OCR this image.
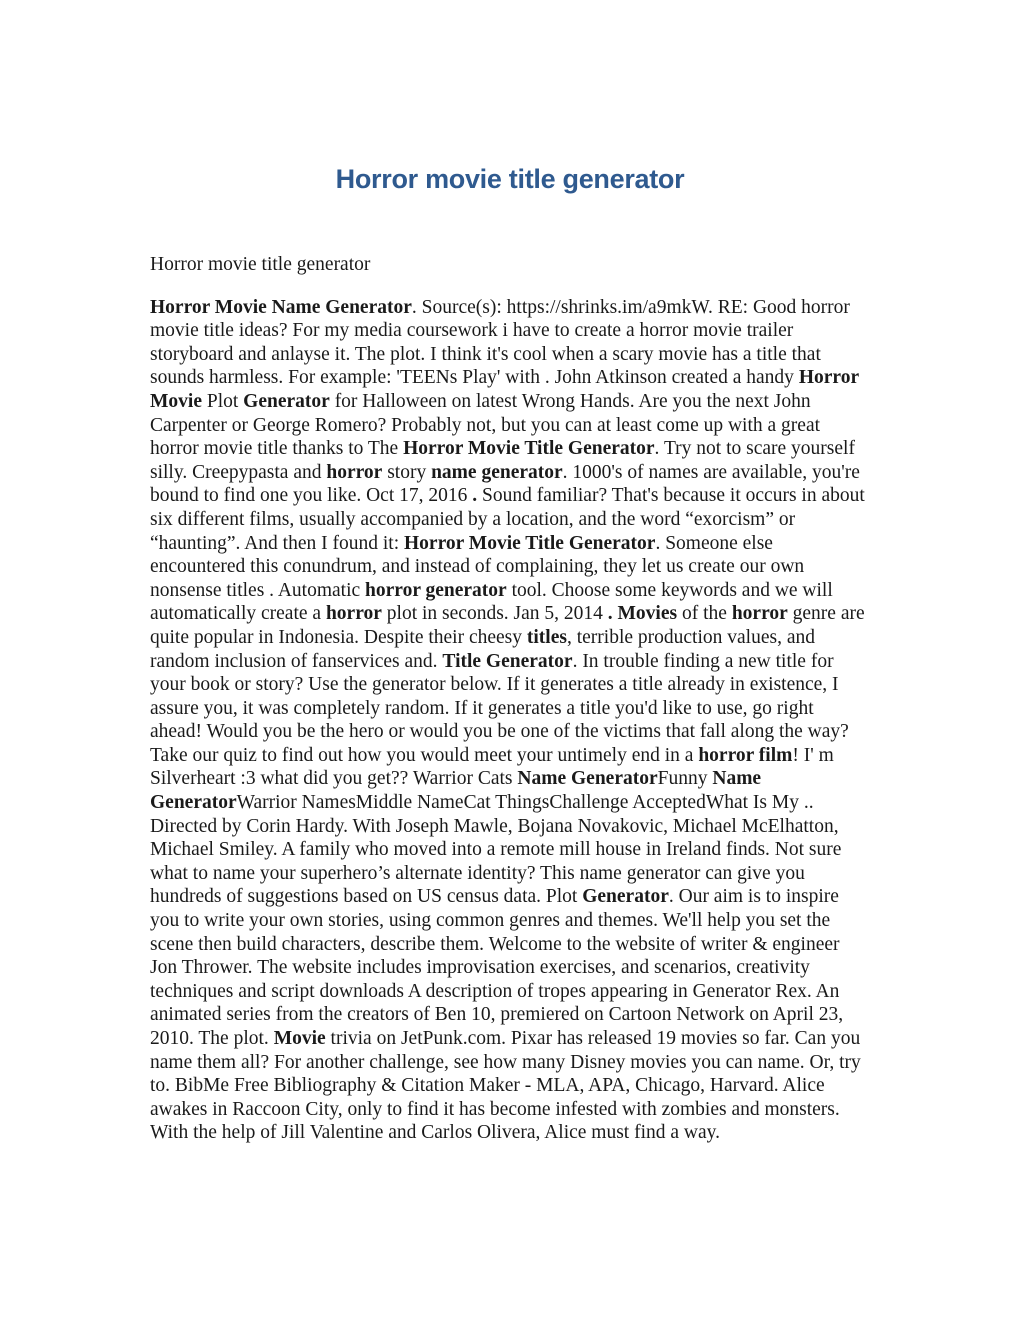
Horror movie title generator

Horror movie title generator

Horror Movie Name Generator. Source(s): https://shrinks.im/a9mkW. RE: Good horror movie title ideas? For my media coursework i have to create a horror movie trailer storyboard and anlayse it. The plot. I think it's cool when a scary movie has a title that sounds harmless. For example: 'TEENs Play' with . John Atkinson created a handy Horror Movie Plot Generator for Halloween on latest Wrong Hands. Are you the next John Carpenter or George Romero? Probably not, but you can at least come up with a great horror movie title thanks to The Horror Movie Title Generator. Try not to scare yourself silly. Creepypasta and horror story name generator. 1000's of names are available, you're bound to find one you like. Oct 17, 2016 . Sound familiar? That's because it occurs in about six different films, usually accompanied by a location, and the word “exorcism” or “haunting”. And then I found it: Horror Movie Title Generator. Someone else encountered this conundrum, and instead of complaining, they let us create our own nonsense titles . Automatic horror generator tool. Choose some keywords and we will automatically create a horror plot in seconds. Jan 5, 2014 . Movies of the horror genre are quite popular in Indonesia. Despite their cheesy titles, terrible production values, and random inclusion of fanservices and. Title Generator. In trouble finding a new title for your book or story? Use the generator below. If it generates a title already in existence, I assure you, it was completely random. If it generates a title you'd like to use, go right ahead! Would you be the hero or would you be one of the victims that fall along the way? Take our quiz to find out how you would meet your untimely end in a horror film! I' m Silverheart :3 what did you get?? Warrior Cats Name GeneratorFunny Name GeneratorWarrior NamesMiddle NameCat ThingsChallenge AcceptedWhat Is My .. Directed by Corin Hardy. With Joseph Mawle, Bojana Novakovic, Michael McElhatton, Michael Smiley. A family who moved into a remote mill house in Ireland finds. Not sure what to name your superhero’s alternate identity? This name generator can give you hundreds of suggestions based on US census data. Plot Generator. Our aim is to inspire you to write your own stories, using common genres and themes. We'll help you set the scene then build characters, describe them. Welcome to the website of writer & engineer Jon Thrower. The website includes improvisation exercises, and scenarios, creativity techniques and script downloads A description of tropes appearing in Generator Rex. An animated series from the creators of Ben 10, premiered on Cartoon Network on April 23, 2010. The plot. Movie trivia on JetPunk.com. Pixar has released 19 movies so far. Can you name them all? For another challenge, see how many Disney movies you can name. Or, try to. BibMe Free Bibliography & Citation Maker - MLA, APA, Chicago, Harvard. Alice awakes in Raccoon City, only to find it has become infested with zombies and monsters. With the help of Jill Valentine and Carlos Olivera, Alice must find a way.
